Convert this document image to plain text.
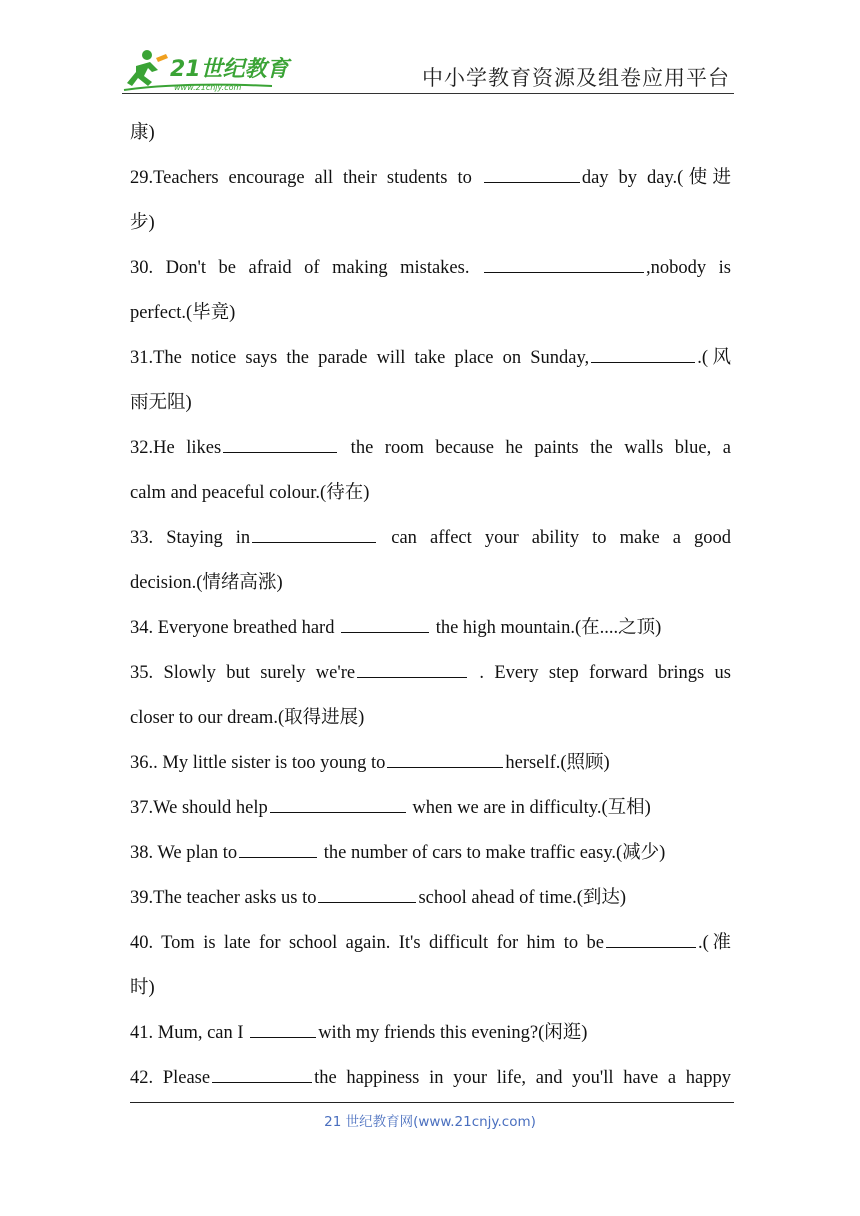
21世纪教育
www.21cnjy.com	中小学教育资源及组卷应用平台
康)
29.Teachers encourage all their students to	day by day.(使进
步)
30. Don't be afraid of making mistakes.	,nobody is
perfect.(毕竟)
31.The notice says the parade will take place on Sunday,	.(风
雨无阻)
32.He likes	the room because he paints the walls blue, a
calm and peaceful colour.(待在)
33. Staying in	can affect your ability to make a good
decision.(情绪高涨)
34. Everyone breathed hard	the high mountain.(在....之顶)
35. Slowly but surely we're	. Every step forward brings us
closer to our dream.(取得进展)
36.. My little sister is too young to	herself.(照顾)
37.We should help	when we are in difficulty.(互相)
38. We plan to	the number of cars to make traffic easy.(减少)
39.The teacher asks us to	school ahead of time.(到达)
40. Tom is late for school again. It's difficult for him to be	.(准
时)
41. Mum, can I	with my friends this evening?(闲逛)
42. Please	the happiness in your life, and you'll have a happy
21 世纪教育网(www.21cnjy.com)
